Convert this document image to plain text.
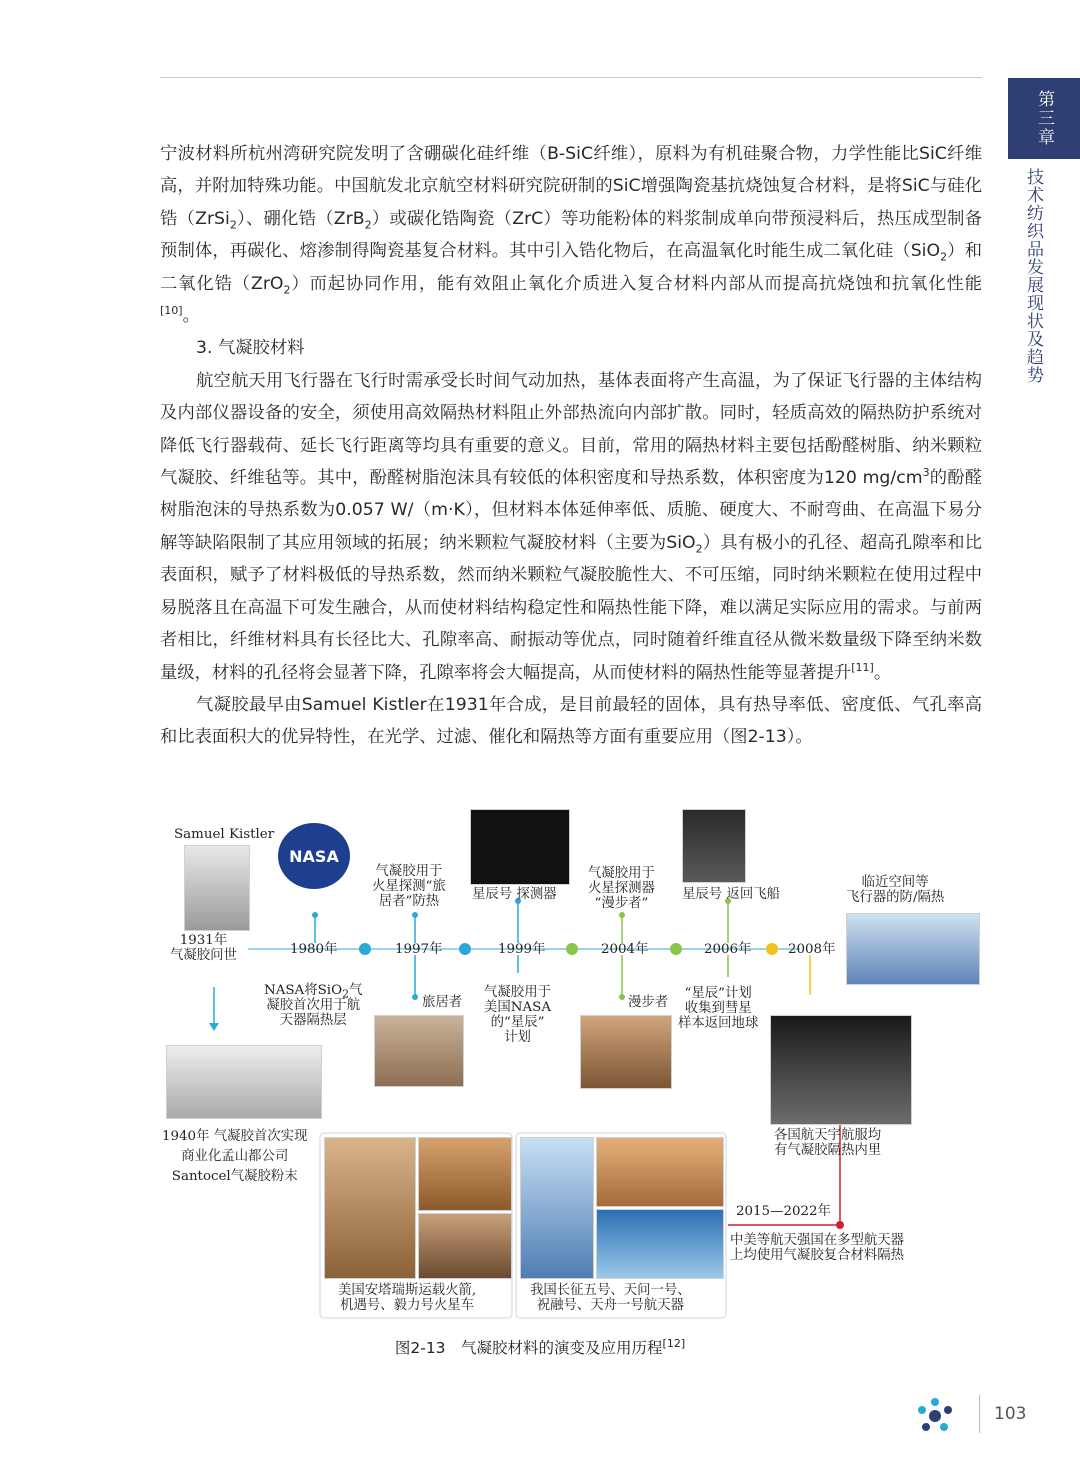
第三章
技术纺织品发展现状及趋势

宁波材料所杭州湾研究院发明了含硼碳化硅纤维（B-SiC纤维），原料为有机硅聚合物，力学性能比SiC纤维高，并附加特殊功能。中国航发北京航空材料研究院研制的SiC增强陶瓷基抗烧蚀复合材料，是将SiC与硅化锆（ZrSi$_2$）、硼化锆（ZrB$_2$）或碳化锆陶瓷（ZrC）等功能粉体的料浆制成单向带预浸料后，热压成型制备预制体，再碳化、熔渗制得陶瓷基复合材料。其中引入锆化物后，在高温氧化时能生成二氧化硅（SiO$_2$）和二氧化锆（ZrO$_2$）而起协同作用，能有效阻止氧化介质进入复合材料内部从而提高抗烧蚀和抗氧化性能[10]。

3. 气凝胶材料

航空航天用飞行器在飞行时需承受长时间气动加热，基体表面将产生高温，为了保证飞行器的主体结构及内部仪器设备的安全，须使用高效隔热材料阻止外部热流向内部扩散。同时，轻质高效的隔热防护系统对降低飞行器载荷、延长飞行距离等均具有重要的意义。目前，常用的隔热材料主要包括酚醛树脂、纳米颗粒气凝胶、纤维毡等。其中，酚醛树脂泡沫具有较低的体积密度和导热系数，体积密度为120 $mg/cm^3$的酚醛树脂泡沫的导热系数为0.057 W/（m·K），但材料本体延伸率低、质脆、硬度大、不耐弯曲、在高温下易分解等缺陷限制了其应用领域的拓展；纳米颗粒气凝胶材料（主要为SiO$_2$）具有极小的孔径、超高孔隙率和比表面积，赋予了材料极低的导热系数，然而纳米颗粒气凝胶脆性大、不可压缩，同时纳米颗粒在使用过程中易脱落且在高温下可发生融合，从而使材料结构稳定性和隔热性能下降，难以满足实际应用的需求。与前两者相比，纤维材料具有长径比大、孔隙率高、耐振动等优点，同时随着纤维直径从微米数量级下降至纳米数量级，材料的孔径将会显著下降，孔隙率将会大幅提高，从而使材料的隔热性能等显著提升[11]。

气凝胶最早由Samuel Kistler在1931年合成，是目前最轻的固体，具有热导率低、密度低、气孔率高和比表面积大的优异特性，在光学、过滤、催化和隔热等方面有重要应用（图2-13）。

NASA
Samuel Kistler
1931年
气凝胶问世	1980年
NASA将SiO$_2$气
凝胶首次用于航
天器隔热层
气凝胶用于
火星探测“旅
居者”防热
1997年
旅居者
星辰号 探测器
1999年
气凝胶用于
美国NASA
的“星辰”
计划
气凝胶用于
火星探测器
“漫步者”
2004年
漫步者
星辰号 返回飞船
2006年
“星辰”计划
收集到彗星
样本返回地球
2008年
临近空间等
飞行器的防/隔热
各国航天宇航服均
有气凝胶隔热内里
1940年 气凝胶首次实现
商业化孟山都公司
Santocel气凝胶粉末
美国安塔瑞斯运载火箭,
机遇号、毅力号火星车
我国长征五号、天问一号、
祝融号、天舟一号航天器
2015—2022年
中美等航天强国在多型航天器
上均使用气凝胶复合材料隔热
图2-13　气凝胶材料的演变及应用历程[12]
103
